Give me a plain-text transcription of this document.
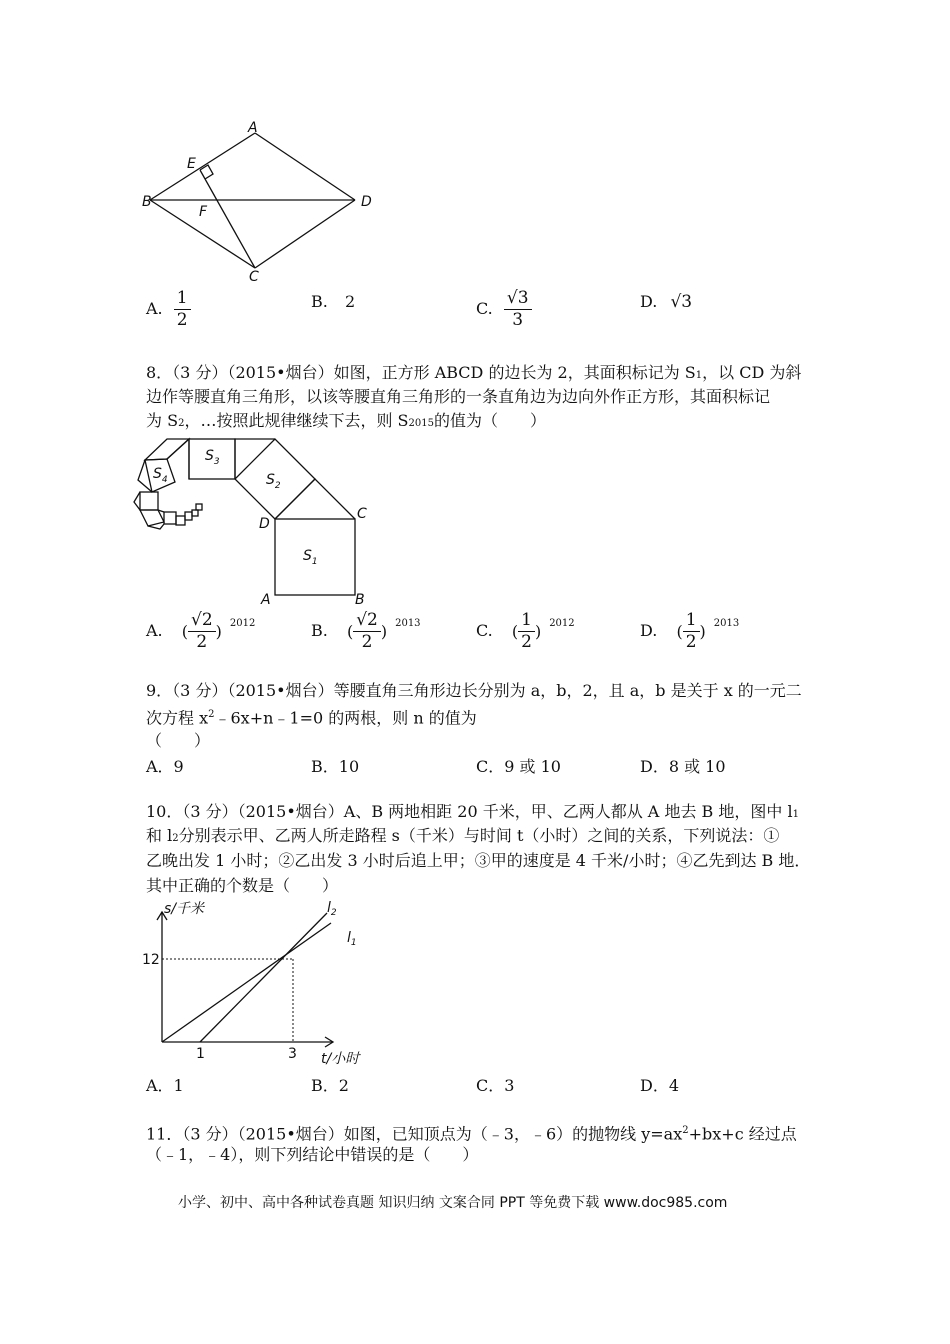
A
B
C
D
E
F
A. $\frac{1}{2}$	B. 2	C. $\frac{√3}{3}$	D. √3
8．（3 分）（2015•烟台）如图，正方形 ABCD 的边长为 2，其面积标记为 S1，以 CD 为斜
边作等腰直角三角形，以该等腰直角三角形的一条直角边为边向外作正方形，其面积标记
为 S2，…按照此规律继续下去，则 S2015的值为（　　）
$S_1$
$S_2$
$S_3$
$S_4$
A	B
C
D
A. ( $\frac{√2}{2}$ ) $^{2012}$	B. ( $\frac{√2}{2}$ ) $^{2013}$	C. ( $\frac{1}{2}$ ) $^{2012}$	D. ( $\frac{1}{2}$ ) $^{2013}$
9．（3 分）（2015•烟台）等腰直角三角形边长分别为 a，b，2，且 a，b 是关于 x 的一元二
次方程 $x^2﹣6x+n﹣1=0$ 的两根，则 n 的值为
（　　）
A．9	B．10	C．9 或 10	D．8 或 10
10．（3 分）（2015•烟台）A、B 两地相距 20 千米，甲、乙两人都从 A 地去 B 地，图中 l1
和 l2分别表示甲、乙两人所走路程 s（千米）与时间 t（小时）之间的关系，下列说法：①
乙晚出发 1 小时；②乙出发 3 小时后追上甲；③甲的速度是 4 千米/小时；④乙先到达 B 地．
其中正确的个数是（　　）
s/千米
t/小时
12
1	3
$l_2$
$l_1$
A．1	B．2	C．3	D．4
11．（3 分）（2015•烟台）如图，已知顶点为（﹣3，﹣6）的抛物线 $y=ax^2+bx+c$ 经过点
（﹣1，﹣4），则下列结论中错误的是（　　）
小学、初中、高中各种试卷真题 知识归纳 文案合同 PPT 等免费下载 www.doc985.com
